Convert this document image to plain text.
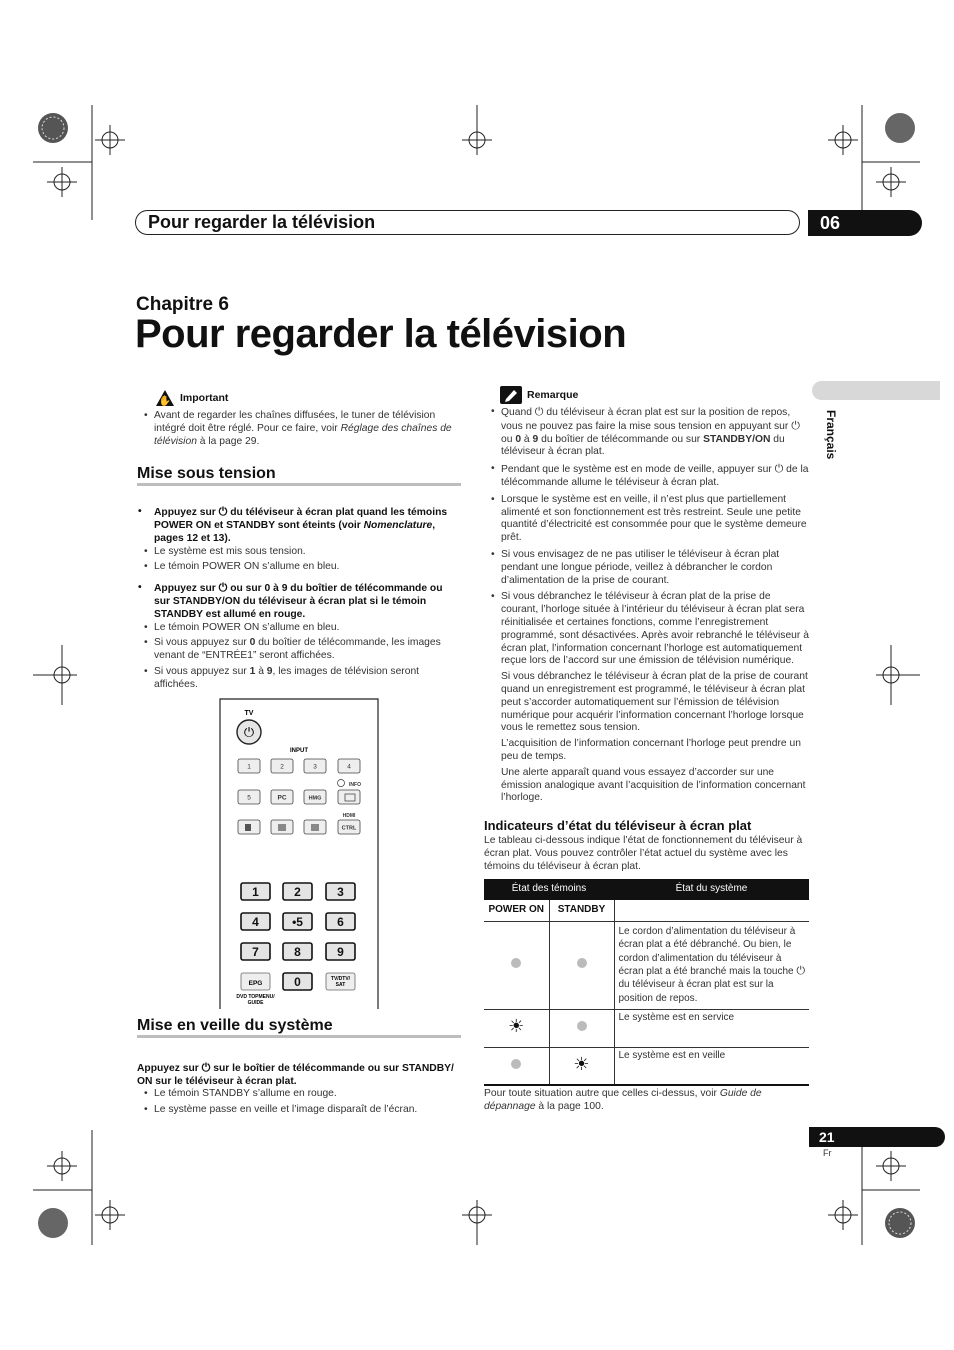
Pour regarder la télévision	06
Chapitre 6
Pour regarder la télévision
Français
✋ Important

• Avant de regarder les chaînes diffusées, le tuner de télévision intégré doit être réglé. Pour ce faire, voir Réglage des chaînes de télévision à la page 29.

Mise sous tension

• Appuyez sur ⏻ du téléviseur à écran plat quand les témoins POWER ON et STANDBY sont éteints (voir Nomenclature, pages 12 et 13).

• Le système est mis sous tension.

• Le témoin POWER ON s’allume en bleu.

• Appuyez sur ⏻ ou sur 0 à 9 du boîtier de télécommande ou sur STANDBY/ON du téléviseur à écran plat si le témoin STANDBY est allumé en rouge.

• Le témoin POWER ON s’allume en bleu.

• Si vous appuyez sur 0 du boîtier de télécommande, les images venant de “ENTRÉE1” seront affichées.

• Si vous appuyez sur 1 à 9, les images de télévision seront affichées.

TV
⏻
INPUT
1	2	3	4
5	PC	HMG
INFO
HDMI
CTRL
1	2	3
4	•5	6
7	8	9
0
EPG
TV/DTV/ SAT
DVD TOPMENU/ GUIDE
Mise en veille du système

Appuyez sur ⏻ sur le boîtier de télécommande ou sur STANDBY/ ON sur le téléviseur à écran plat.

• Le témoin STANDBY s’allume en rouge.

• Le système passe en veille et l’image disparaît de l’écran.

Remarque

• Quand ⏻ du téléviseur à écran plat est sur la position de repos, vous ne pouvez pas faire la mise sous tension en appuyant sur ⏻ ou 0 à 9 du boîtier de télécommande ou sur STANDBY/ON du téléviseur à écran plat.

• Pendant que le système est en mode de veille, appuyer sur ⏻ de la télécommande allume le téléviseur à écran plat.

• Lorsque le système est en veille, il n’est plus que partiellement alimenté et son fonctionnement est très restreint. Seule une petite quantité d’électricité est consommée pour que le système demeure prêt.

• Si vous envisagez de ne pas utiliser le téléviseur à écran plat pendant une longue période, veillez à débrancher le cordon d’alimentation de la prise de courant.

• Si vous débranchez le téléviseur à écran plat de la prise de courant, l’horloge située à l’intérieur du téléviseur à écran plat sera réinitialisée et certaines fonctions, comme l’enregistrement programmé, sont désactivées. Après avoir rebranché le téléviseur à écran plat, l’information concernant l’horloge est automatiquement reçue lors de l’accord sur une émission de télévision numérique.

Si vous débranchez le téléviseur à écran plat de la prise de courant quand un enregistrement est programmé, le téléviseur à écran plat peut s’accorder automatiquement sur l’émission de télévision numérique pour acquérir l’information concernant l’horloge lorsque vous le remettez sous tension.

L’acquisition de l’information concernant l’horloge peut prendre un peu de temps.

Une alerte apparaît quand vous essayez d’accorder sur une émission analogique avant l’acquisition de l’information concernant l’horloge.

Indicateurs d’état du téléviseur à écran plat

Le tableau ci-dessous indique l’état de fonctionnement du téléviseur à écran plat. Vous pouvez contrôler l’état actuel du système avec les témoins du téléviseur à écran plat.

État des témoins		État du système
POWER ON	STANDBY	
		Le cordon d’alimentation du téléviseur à écran plat a été débranché. Ou bien, le cordon d’alimentation du téléviseur à écran plat a été branché mais la touche ⏻ du téléviseur à écran plat est sur la position de repos.
☀		Le système est en service
	☀	Le système est en veille

Pour toute situation autre que celles ci-dessus, voir Guide de dépannage à la page 100.

21
Fr
